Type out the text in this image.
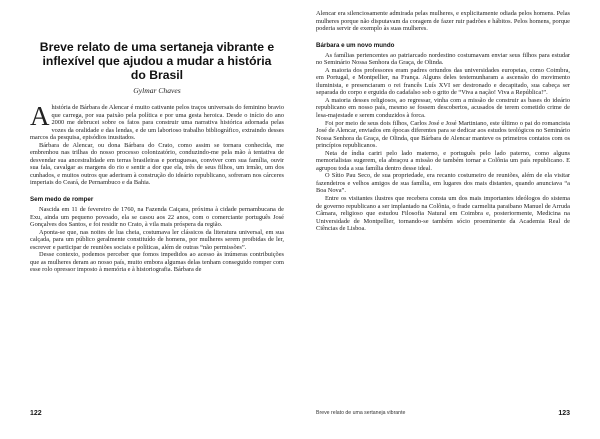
Breve relato de uma sertaneja vibrante e inflexível que ajudou a mudar a história do Brasil
Gylmar Chaves

Ahistória de Bárbara de Alencar é muito cativante pelos traços universais do feminino bravio que carrega, por sua paixão pela política e por uma gesta heroica. Desde o início do ano 2000 me debrucei sobre os fatos para construir uma narrativa histórica adornada pelas vozes da oralidade e das lendas, e de um laborioso trabalho bibliográfico, extraindo desses marcos da pesquisa, episódios inusitados.

Bárbara de Alencar, ou dona Bárbara do Crato, como assim se tornara conhecida, me embrenhou nas trilhas do nosso processo colonizatório, conduzindo-me pela mão à tentativa de desvendar sua ancestralidade em terras brasileiras e portuguesas, conviver com sua família, ouvir sua fala, cavalgar as margens do rio e sentir a dor que ela, três de seus filhos, um irmão, um dos cunhados, e muitos outros que aderiram à construção do ideário republicano, sofreram nos cárceres imperiais do Ceará, de Pernambuco e da Bahia.

Sem medo de romper

Nascida em 11 de fevereiro de 1760, na Fazenda Caiçara, próxima à cidade pernambucana de Exu, ainda um pequeno povoado, ela se casou aos 22 anos, com o comerciante português José Gonçalves dos Santos, e foi residir no Crato, à vila mais próspera da região.

Aponta-se que, nas noites de lua cheia, costumava ler clássicos da literatura universal, em sua calçada, para um público geralmente constituído de homens, por mulheres serem proibidas de ler, escrever e participar de reuniões sociais e políticas, além de outras “não permissões”.

Desse contexto, podemos perceber que fomos impedidos ao acesso às inúmeras contribuições que as mulheres deram ao nosso país, muito embora algumas delas tenham conseguido romper com esse rolo opressor imposto à memória e à historiografia. Bárbara de

122

Alencar era silenciosamente admirada pelas mulheres, e explicitamente odiada pelos homens. Pelas mulheres porque não disputavam da coragem de fazer ruir padrões e hábitos. Pelos homens, porque poderia servir de exemplo às suas mulheres.

Bárbara e um novo mundo

As famílias pertencentes ao patriarcado nordestino costumavam enviar seus filhos para estudar no Seminário Nossa Senhora da Graça, de Olinda.

A maioria dos professores eram padres oriundos das universidades europeias, como Coimbra, em Portugal, e Montpellier, na França. Alguns deles testemunharam a ascensão do movimento iluminista, e presenciaram o rei francês Luís XVI ser destronado e decapitado, sua cabeça ser separada do corpo e erguida do cadafalso sob o grito de “Viva a nação! Viva a República!”.

A maioria desses religiosos, ao regressar, vinha com a missão de construir as bases do ideário republicano em nosso país, mesmo se fossem descobertos, acusados de terem cometido crime de lesa-majestade e serem conduzidos à forca.

Foi por meio de seus dois filhos, Carlos José e José Martiniano, este último o pai do romancista José de Alencar, enviados em épocas diferentes para se dedicar aos estudos teológicos no Seminário Nossa Senhora da Graça, de Olinda, que Bárbara de Alencar manteve os primeiros contatos com os princípios republicanos.

Neta de índia cariri pelo lado materno, e português pelo lado paterno, como alguns memorialistas sugerem, ela abraçou a missão de também tornar a Colônia um país republicano. E agrupou toda a sua família dentro desse ideal.

O Sítio Pau Seco, de sua propriedade, era recanto costumeiro de reuniões, além de ela visitar fazendeiros e velhos amigos de sua família, em lugares dos mais distantes, quando anunciava “a Boa Nova”.

Entre os visitantes ilustres que recebera consta um dos mais importantes ideólogos do sistema de governo republicano a ser implantado na Colônia, o frade carmelita paraibano Manuel de Arruda Câmara, religioso que estudou Filosofia Natural em Coimbra e, posteriormente, Medicina na Universidade de Montpellier, tornando-se também sócio proeminente da Academia Real de Ciências de Lisboa.

Breve relato de uma sertaneja vibrante	123
